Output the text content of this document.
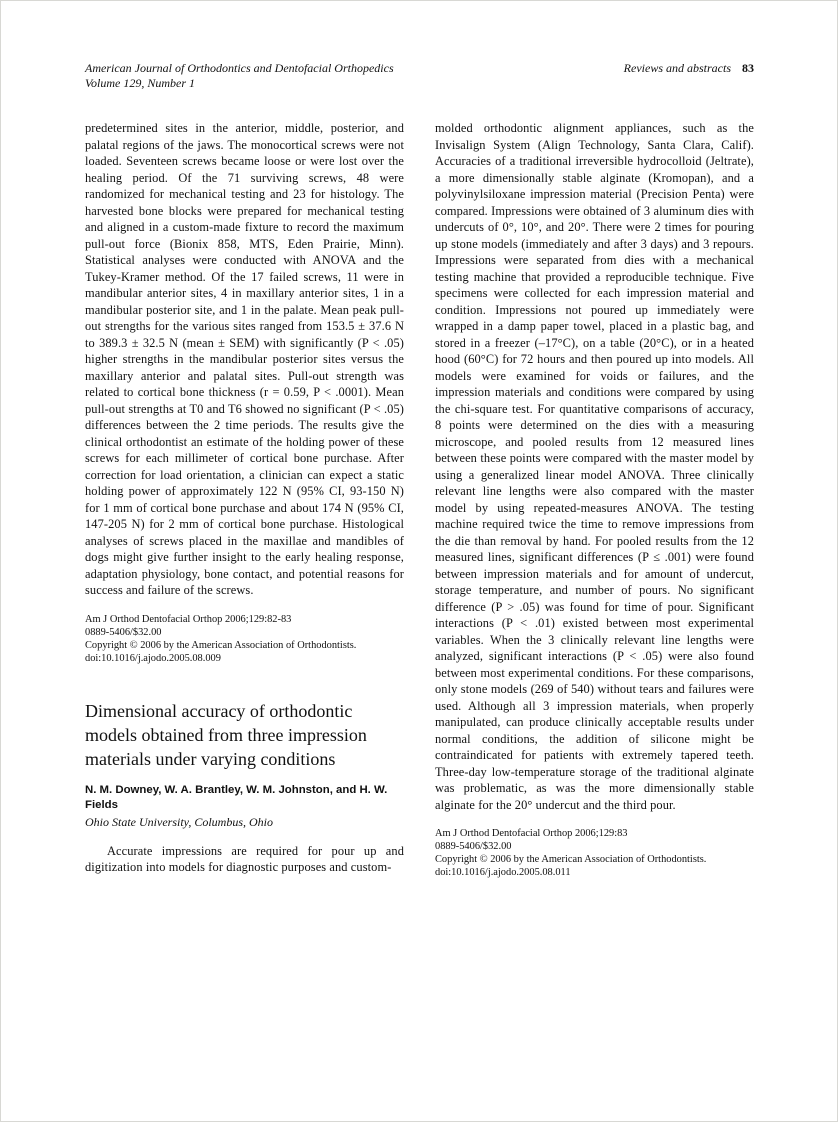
American Journal of Orthodontics and Dentofacial Orthopedics
Volume 129, Number 1
Reviews and abstracts 83

predetermined sites in the anterior, middle, posterior, and palatal regions of the jaws. The monocortical screws were not loaded. Seventeen screws became loose or were lost over the healing period. Of the 71 surviving screws, 48 were randomized for mechanical testing and 23 for histology. The harvested bone blocks were prepared for mechanical testing and aligned in a custom-made fixture to record the maximum pull-out force (Bionix 858, MTS, Eden Prairie, Minn). Statistical analyses were conducted with ANOVA and the Tukey-Kramer method. Of the 17 failed screws, 11 were in mandibular anterior sites, 4 in maxillary anterior sites, 1 in a mandibular posterior site, and 1 in the palate. Mean peak pull-out strengths for the various sites ranged from 153.5 ± 37.6 N to 389.3 ± 32.5 N (mean ± SEM) with significantly (P < .05) higher strengths in the mandibular posterior sites versus the maxillary anterior and palatal sites. Pull-out strength was related to cortical bone thickness (r = 0.59, P < .0001). Mean pull-out strengths at T0 and T6 showed no significant (P < .05) differences between the 2 time periods. The results give the clinical orthodontist an estimate of the holding power of these screws for each millimeter of cortical bone purchase. After correction for load orientation, a clinician can expect a static holding power of approximately 122 N (95% CI, 93-150 N) for 1 mm of cortical bone purchase and about 174 N (95% CI, 147-205 N) for 2 mm of cortical bone purchase. Histological analyses of screws placed in the maxillae and mandibles of dogs might give further insight to the early healing response, adaptation physiology, bone contact, and potential reasons for success and failure of the screws.

Am J Orthod Dentofacial Orthop 2006;129:82-83
0889-5406/$32.00
Copyright © 2006 by the American Association of Orthodontists.
doi:10.1016/j.ajodo.2005.08.009
Dimensional accuracy of orthodontic models obtained from three impression materials under varying conditions
N. M. Downey, W. A. Brantley, W. M. Johnston, and H. W. Fields
Ohio State University, Columbus, Ohio

Accurate impressions are required for pour up and digitization into models for diagnostic purposes and custom-

molded orthodontic alignment appliances, such as the Invisalign System (Align Technology, Santa Clara, Calif). Accuracies of a traditional irreversible hydrocolloid (Jeltrate), a more dimensionally stable alginate (Kromopan), and a polyvinylsiloxane impression material (Precision Penta) were compared. Impressions were obtained of 3 aluminum dies with undercuts of 0°, 10°, and 20°. There were 2 times for pouring up stone models (immediately and after 3 days) and 3 repours. Impressions were separated from dies with a mechanical testing machine that provided a reproducible technique. Five specimens were collected for each impression material and condition. Impressions not poured up immediately were wrapped in a damp paper towel, placed in a plastic bag, and stored in a freezer (–17°C), on a table (20°C), or in a heated hood (60°C) for 72 hours and then poured up into models. All models were examined for voids or failures, and the impression materials and conditions were compared by using the chi-square test. For quantitative comparisons of accuracy, 8 points were determined on the dies with a measuring microscope, and pooled results from 12 measured lines between these points were compared with the master model by using a generalized linear model ANOVA. Three clinically relevant line lengths were also compared with the master model by using repeated-measures ANOVA. The testing machine required twice the time to remove impressions from the die than removal by hand. For pooled results from the 12 measured lines, significant differences (P ≤ .001) were found between impression materials and for amount of undercut, storage temperature, and number of pours. No significant difference (P > .05) was found for time of pour. Significant interactions (P < .01) existed between most experimental variables. When the 3 clinically relevant line lengths were analyzed, significant interactions (P < .05) were also found between most experimental conditions. For these comparisons, only stone models (269 of 540) without tears and failures were used. Although all 3 impression materials, when properly manipulated, can produce clinically acceptable results under normal conditions, the addition of silicone might be contraindicated for patients with extremely tapered teeth. Three-day low-temperature storage of the traditional alginate was problematic, as was the more dimensionally stable alginate for the 20° undercut and the third pour.

Am J Orthod Dentofacial Orthop 2006;129:83
0889-5406/$32.00
Copyright © 2006 by the American Association of Orthodontists.
doi:10.1016/j.ajodo.2005.08.011
